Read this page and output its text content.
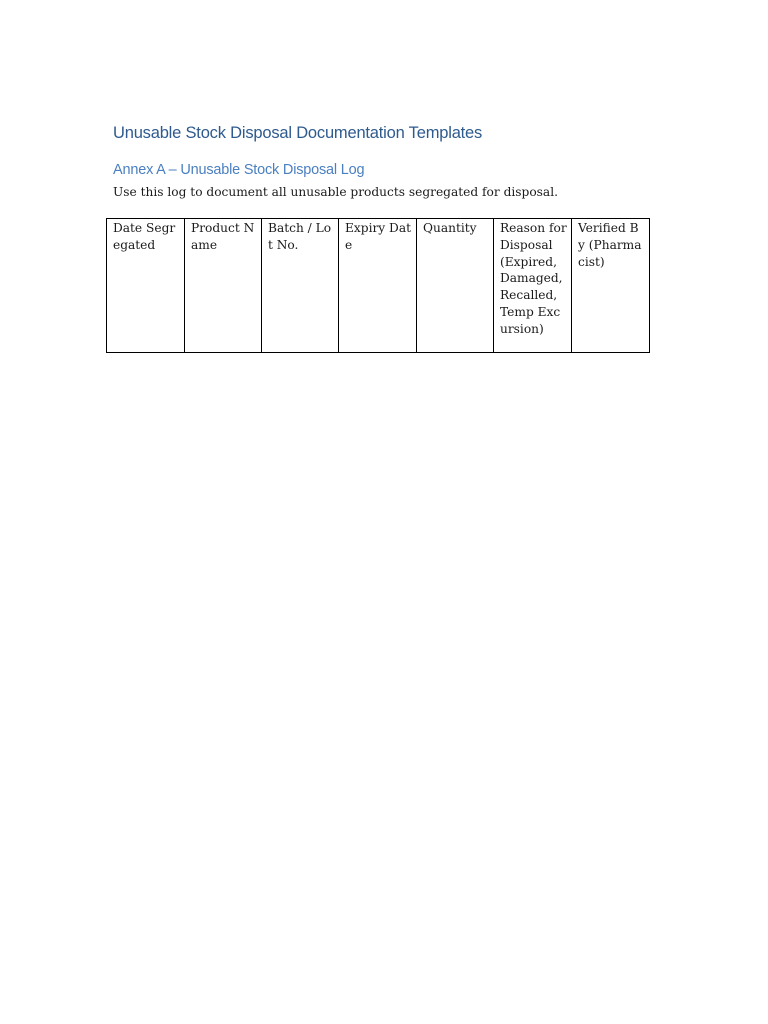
Unusable Stock Disposal Documentation Templates
Annex A – Unusable Stock Disposal Log

Use this log to document all unusable products segregated for disposal.

Date Segregated	Product Name	Batch / Lot No.	Expiry Date	Quantity	Reason for Disposal (Expired, Damaged, Recalled, Temp Excursion)	Verified By (Pharmacist)
